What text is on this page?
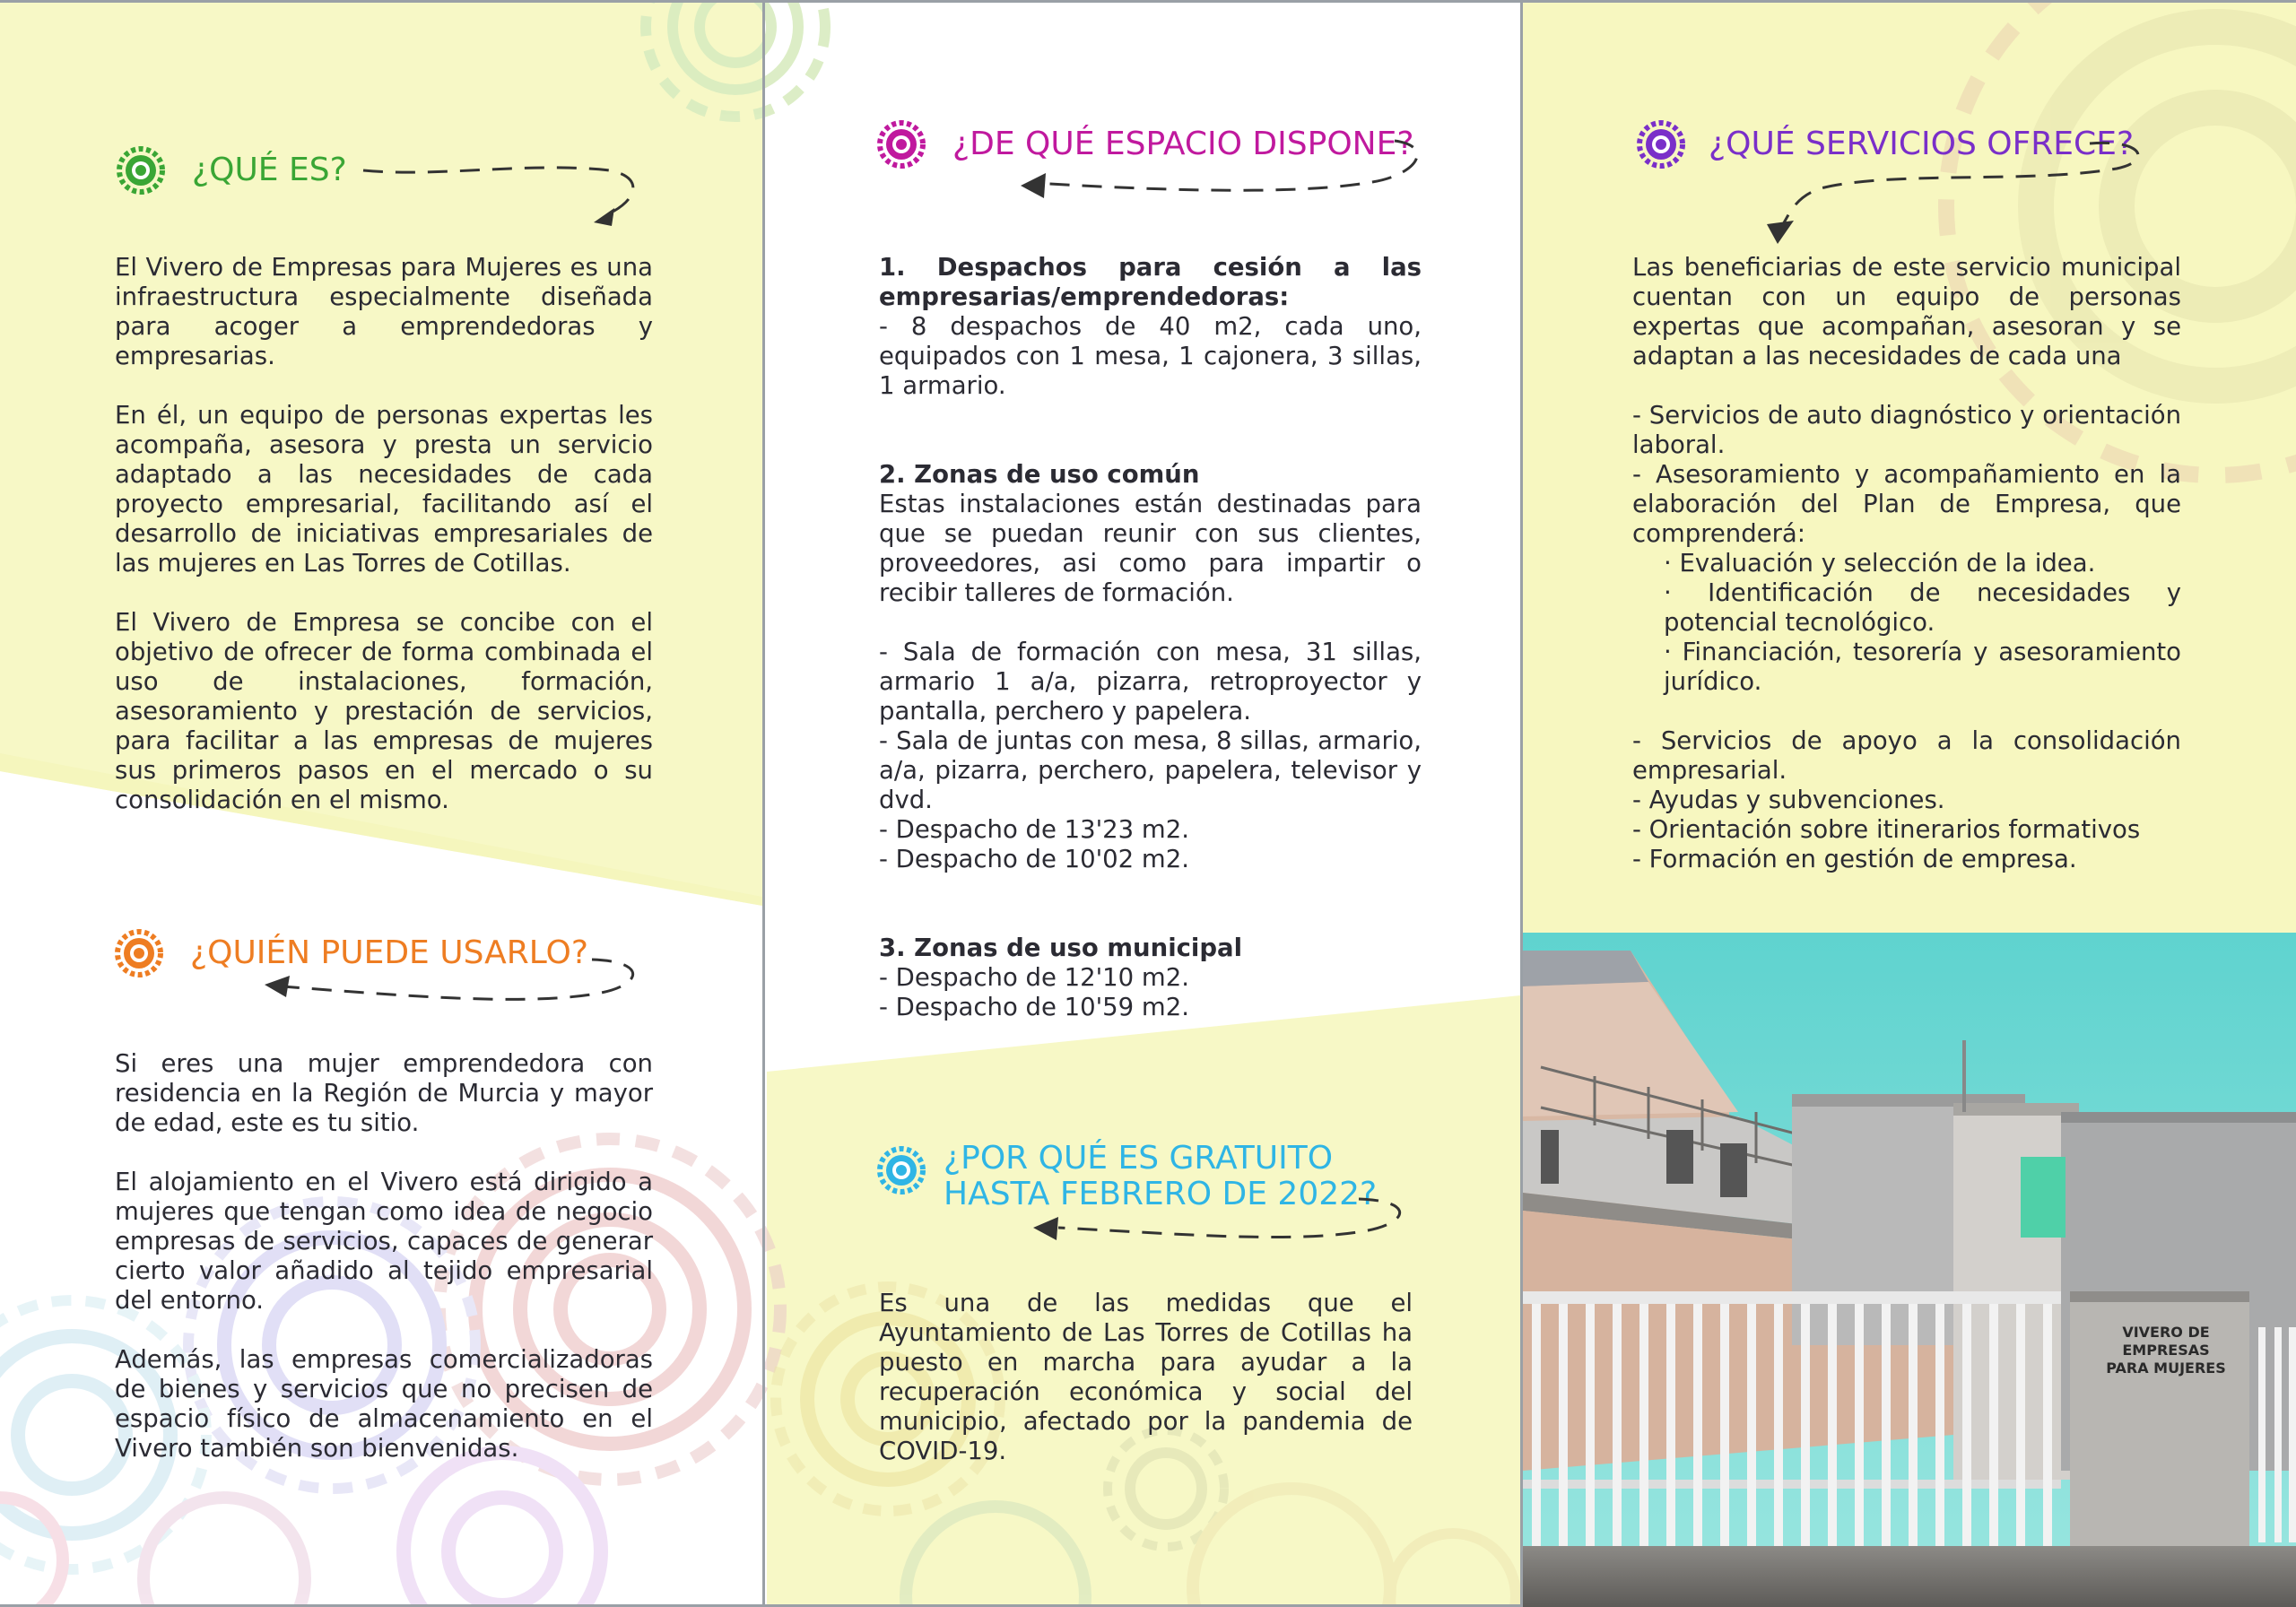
¿QUÉ ES?

El Vivero de Empresas para Mujeres es una infraestructura especialmente diseñada para acoger a emprendedoras y empresarias.

En él, un equipo de personas expertas les acompaña, asesora y presta un servicio adaptado a las necesidades de cada proyecto empresarial, facilitando así el desarrollo de iniciativas empresariales de las mujeres en Las Torres de Cotillas.

El Vivero de Empresa se concibe con el objetivo de ofrecer de forma combinada el uso de instalaciones, formación, asesoramiento y prestación de servicios, para facilitar a las empresas de mujeres sus primeros pasos en el mercado o su consolidación en el mismo.

¿QUIÉN PUEDE USARLO?

Si eres una mujer emprendedora con residencia en la Región de Murcia y mayor de edad, este es tu sitio.

El alojamiento en el Vivero está dirigido a mujeres que tengan como idea de negocio empresas de servicios, capaces de generar cierto valor añadido al tejido empresarial del entorno.

Además, las empresas comercializadoras de bienes y servicios que no precisen de espacio físico de almacenamiento en el Vivero también son bienvenidas.

¿DE QUÉ ESPACIO DISPONE?
1. Despachos para cesión a las empresarias/emprendedoras:
- 8 despachos de 40 m2, cada uno, equipados con 1 mesa, 1 cajonera, 3 sillas, 1 armario.
2. Zonas de uso común
Estas instalaciones están destinadas para que se puedan reunir con sus clientes, proveedores, asi como para impartir o recibir talleres de formación.
- Sala de formación con mesa, 31 sillas, armario 1 a/a, pizarra, retroproyector y pantalla, perchero y papelera.
- Sala de juntas con mesa, 8 sillas, armario, a/a, pizarra, perchero, papelera, televisor y dvd.
- Despacho de 13'23 m2.
- Despacho de 10'02 m2.
3. Zonas de uso municipal
- Despacho de 12'10 m2.
- Despacho de 10'59 m2.
¿POR QUÉ ES GRATUITO
HASTA FEBRERO DE 2022?

Es una de las medidas que el Ayuntamiento de Las Torres de Cotillas ha puesto en marcha para ayudar a la recuperación económica y social del municipio, afectado por la pandemia de COVID-19.

¿QUÉ SERVICIOS OFRECE?

Las beneficiarias de este servicio municipal cuentan con un equipo de personas expertas que acompañan, asesoran y se adaptan a las necesidades de cada una

- Servicios de auto diagnóstico y orientación laboral.
- Asesoramiento y acompañamiento en la elaboración del Plan de Empresa, que comprenderá:
· Evaluación y selección de la idea.
· Identificación de necesidades y potencial tecnológico.
· Financiación, tesorería y asesoramiento jurídico.
- Servicios de apoyo a la consolidación empresarial.
- Ayudas y subvenciones.
- Orientación sobre itinerarios formativos
- Formación en gestión de empresa.
VIVERO DE EMPRESAS
PARA MUJERES
